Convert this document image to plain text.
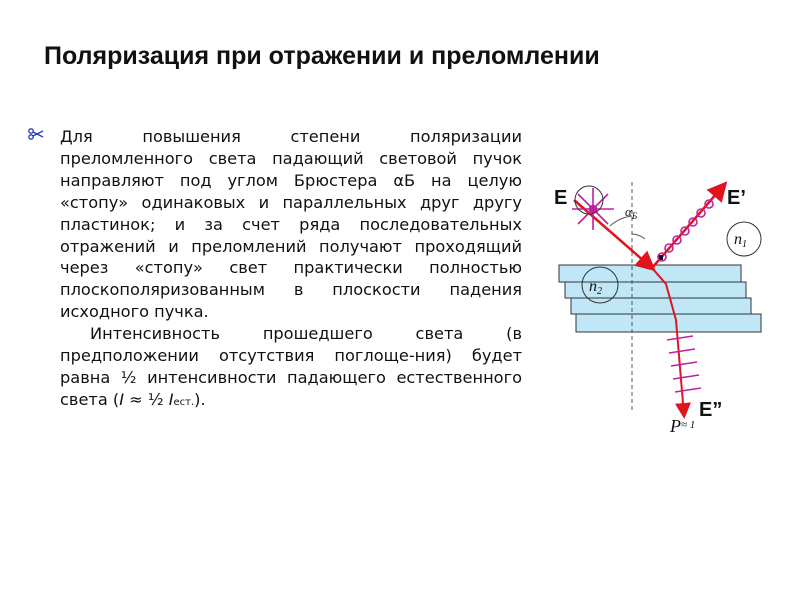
Поляризация при отражении и преломлении

Для повышения степени поляризации преломленного света падающий световой пучок направляют под углом Брюстера αБ на целую «стопу» одинаковых и параллельных друг другу пластинок; и за счет ряда последовательных отражений и преломлений получают проходящий через «стопу» свет практически полностью плоскополяризованным в плоскости падения исходного пучка.

Интенсивность прошедшего света (в предположении отсутствия поглоще-ния) будет равна ½ интенсивности падающего естественного света (I ≈ ½ Iест.).

E	E’
E”
$\alpha_Б$
n1
n2
$P^{\approx 1}$
